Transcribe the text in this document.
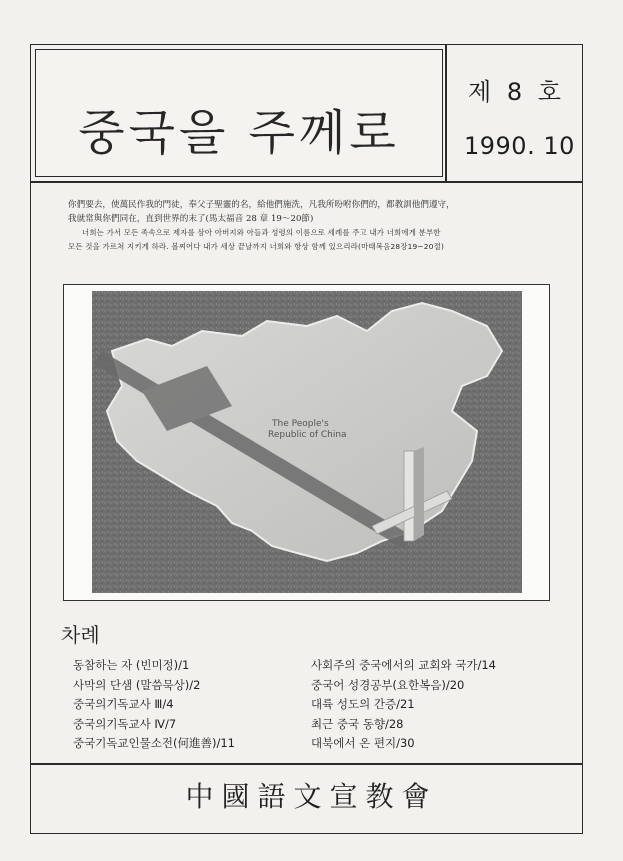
중국을 주께로
제 8 호
1990. 10

你們要去，使萬民作我的門徒，奉父子聖靈的名，給他們施洗，凡我所吩咐你們的，都教訓他們遵守，

我就常與你們同在，直到世界的末了(馬太福音 28 章 19～20節)

너희는 가서 모든 족속으로 제자를 삼아 아버지와 아들과 성령의 이름으로 세례를 주고 내가 너희에게 분부한

모든 것을 가르쳐 지키게 하라. 볼찌어다 내가 세상 끝날까지 너희와 항상 함께 있으리라(마태복음28장19~20절)

The People's
Republic of China
차례
동참하는 자 (빈미정)/1
사막의 단샘 (말씀묵상)/2
중국의기독교사 Ⅲ/4
중국의기독교사 Ⅳ/7
중국기독교인물소전(何進善)/11
사회주의 중국에서의 교회와 국가/14
중국어 성경공부(요한복음)/20
대륙 성도의 간증/21
최근 중국 동향/28
대북에서 온 편지/30
中國語文宣教會
